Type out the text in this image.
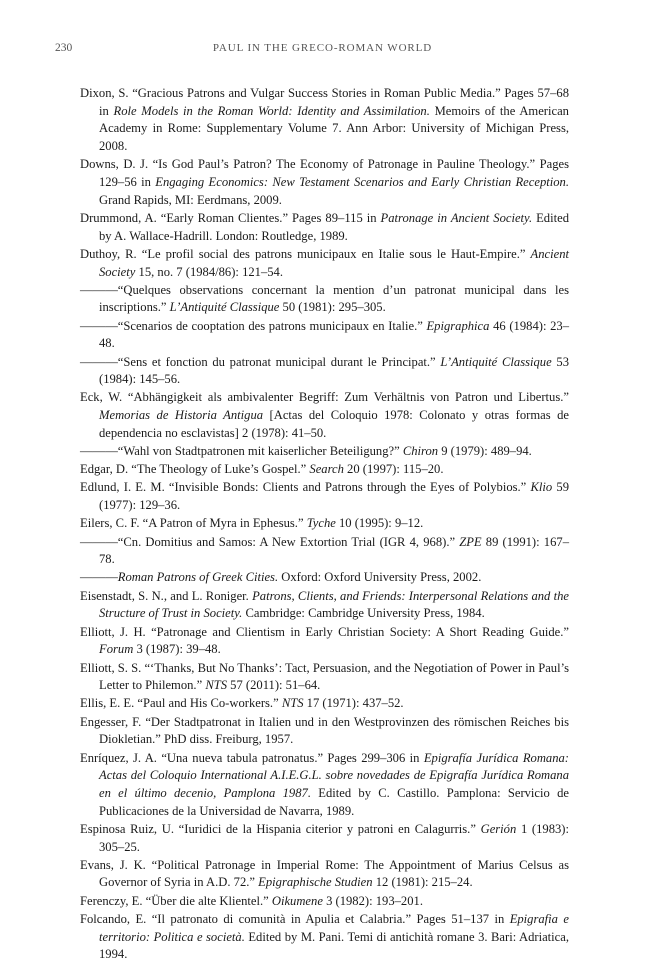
230	PAUL IN THE GRECO-ROMAN WORLD

Dixon, S. “Gracious Patrons and Vulgar Success Stories in Roman Public Media.” Pages 57–68 in Role Models in the Roman World: Identity and Assimilation. Memoirs of the American Academy in Rome: Supplementary Volume 7. Ann Arbor: University of Michigan Press, 2008.

Downs, D. J. “Is God Paul’s Patron? The Economy of Patronage in Pauline Theology.” Pages 129–56 in Engaging Economics: New Testament Scenarios and Early Christian Reception. Grand Rapids, MI: Eerdmans, 2009.

Drummond, A. “Early Roman Clientes.” Pages 89–115 in Patronage in Ancient Society. Edited by A. Wallace-Hadrill. London: Routledge, 1989.

Duthoy, R. “Le profil social des patrons municipaux en Italie sous le Haut-Empire.” Ancient Society 15, no. 7 (1984/86): 121–54.

———“Quelques observations concernant la mention d’un patronat municipal dans les inscriptions.” L’Antiquité Classique 50 (1981): 295–305.

———“Scenarios de cooptation des patrons municipaux en Italie.” Epigraphica 46 (1984): 23–48.

———“Sens et fonction du patronat municipal durant le Principat.” L’Antiquité Classique 53 (1984): 145–56.

Eck, W. “Abhängigkeit als ambivalenter Begriff: Zum Verhältnis von Patron und Libertus.” Memorias de Historia Antigua [Actas del Coloquio 1978: Colonato y otras formas de dependencia no esclavistas] 2 (1978): 41–50.

———“Wahl von Stadtpatronen mit kaiserlicher Beteiligung?” Chiron 9 (1979): 489–94.

Edgar, D. “The Theology of Luke’s Gospel.” Search 20 (1997): 115–20.

Edlund, I. E. M. “Invisible Bonds: Clients and Patrons through the Eyes of Polybios.” Klio 59 (1977): 129–36.

Eilers, C. F. “A Patron of Myra in Ephesus.” Tyche 10 (1995): 9–12.

———“Cn. Domitius and Samos: A New Extortion Trial (IGR 4, 968).” ZPE 89 (1991): 167–78.

———Roman Patrons of Greek Cities. Oxford: Oxford University Press, 2002.

Eisenstadt, S. N., and L. Roniger. Patrons, Clients, and Friends: Interpersonal Relations and the Structure of Trust in Society. Cambridge: Cambridge University Press, 1984.

Elliott, J. H. “Patronage and Clientism in Early Christian Society: A Short Reading Guide.” Forum 3 (1987): 39–48.

Elliott, S. S. “‘Thanks, But No Thanks’: Tact, Persuasion, and the Negotiation of Power in Paul’s Letter to Philemon.” NTS 57 (2011): 51–64.

Ellis, E. E. “Paul and His Co-workers.” NTS 17 (1971): 437–52.

Engesser, F. “Der Stadtpatronat in Italien und in den Westprovinzen des römischen Reiches bis Diokletian.” PhD diss. Freiburg, 1957.

Enríquez, J. A. “Una nueva tabula patronatus.” Pages 299–306 in Epigrafía Jurídica Romana: Actas del Coloquio International A.I.E.G.L. sobre novedades de Epigrafía Jurídica Romana en el último decenio, Pamplona 1987. Edited by C. Castillo. Pamplona: Servicio de Publicaciones de la Universidad de Navarra, 1989.

Espinosa Ruiz, U. “Iuridici de la Hispania citerior y patroni en Calagurris.” Gerión 1 (1983): 305–25.

Evans, J. K. “Political Patronage in Imperial Rome: The Appointment of Marius Celsus as Governor of Syria in A.D. 72.” Epigraphische Studien 12 (1981): 215–24.

Ferenczy, E. “Über die alte Klientel.” Oikumene 3 (1982): 193–201.

Folcando, E. “Il patronato di comunità in Apulia et Calabria.” Pages 51–137 in Epigrafia e territorio: Politica e società. Edited by M. Pani. Temi di antichità romane 3. Bari: Adriatica, 1994.
